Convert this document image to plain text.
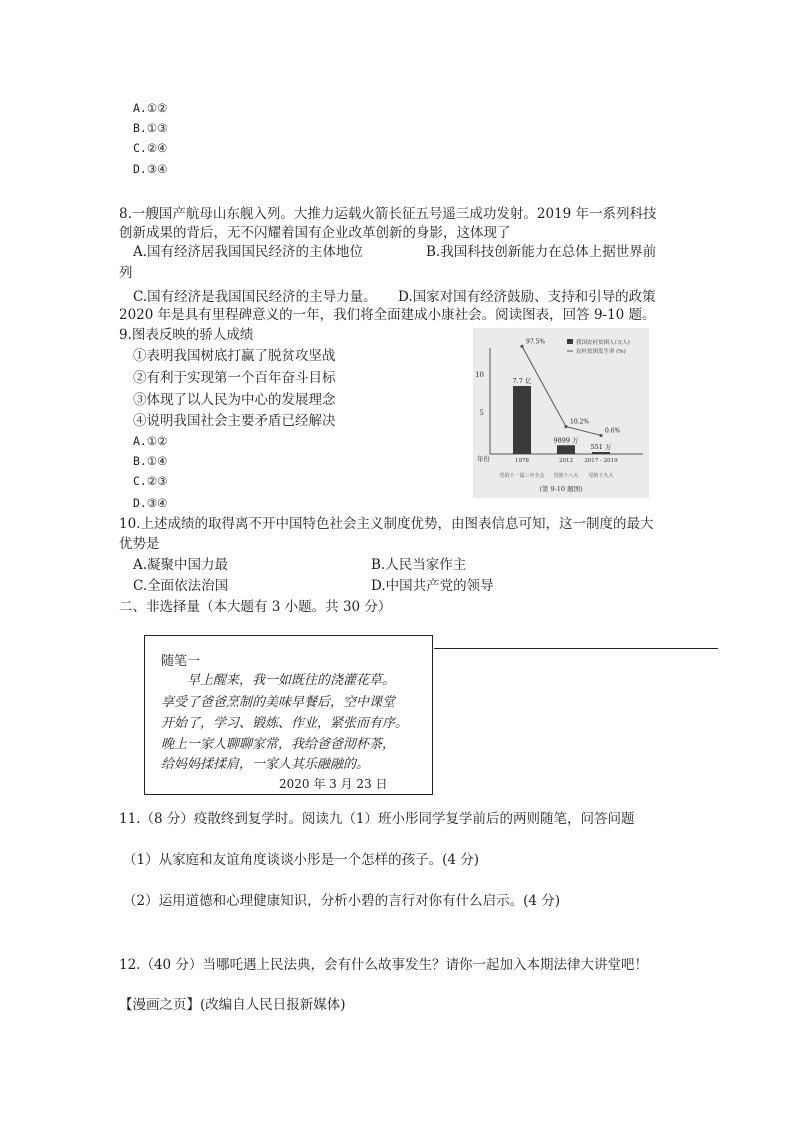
A.①②
B.①③
C.②④
D.③④
8.一艘国产航母山东舰入列。大推力运载火箭长征五号遥三成功发射。2019 年一系列科技
创新成果的背后，无不闪耀着国有企业改革创新的身影，这体现了
A.国有经济居我国国民经济的主体地位	B.我国科技创新能力在总体上据世界前
列
C.国有经济是我国国民经济的主导力量。 D.国家对国有经济鼓励、支持和引导的政策
2020 年是具有里程碑意义的一年，我们将全面建成小康社会。阅读图表，回答 9-10 题。
9.图表反映的骄人成绩
①表明我国树底打赢了脱贫攻坚战
②有利于实现第一个百年奋斗目标
③体现了以人民为中心的发展理念
④说明我国社会主要矛盾已经解决
A.①②
B.①④
C.②③
D.③④
10
5
年份
我国农村贫困人口(人)
农村贫困发生率 (%)
(第 9-10 题图)
7.7 亿
9899 万
551 万
97.5%
10.2%
0.6%
1978
党的十一届三中全会
2012
党的十八大
2017 - 2019
党的十九大
10.上述成绩的取得离不开中国特色社会主义制度优势，由图表信息可知，这一制度的最大
优势是
A.凝聚中国力最	B.人民当家作主
C.全面依法治国	D.中国共产党的领导
二、非选择量（本大题有 3 小题。共 30 分）
随笔一
早上醒来，我一如既往的浇灌花草。
享受了爸爸烹制的美味早餐后，空中课堂
开始了，学习、锻炼、作业，紧张而有序。
晚上一家人聊聊家常，我给爸爸沏杯茶，
给妈妈揉揉肩，一家人其乐融融的。
2020 年 3 月 23 日
11.（8 分）疫散终到复学时。阅读九（1）班小彤同学复学前后的两则随笔，问答问题
（1）从家庭和友谊角度谈谈小彤是一个怎样的孩子。(4 分)
（2）运用道德和心理健康知识，分析小碧的言行对你有什么启示。(4 分)
12.（40 分）当哪吒遇上民法典，会有什么故事发生？请你一起加入本期法律大讲堂吧！
【漫画之页】(改编自人民日报新媒体)
